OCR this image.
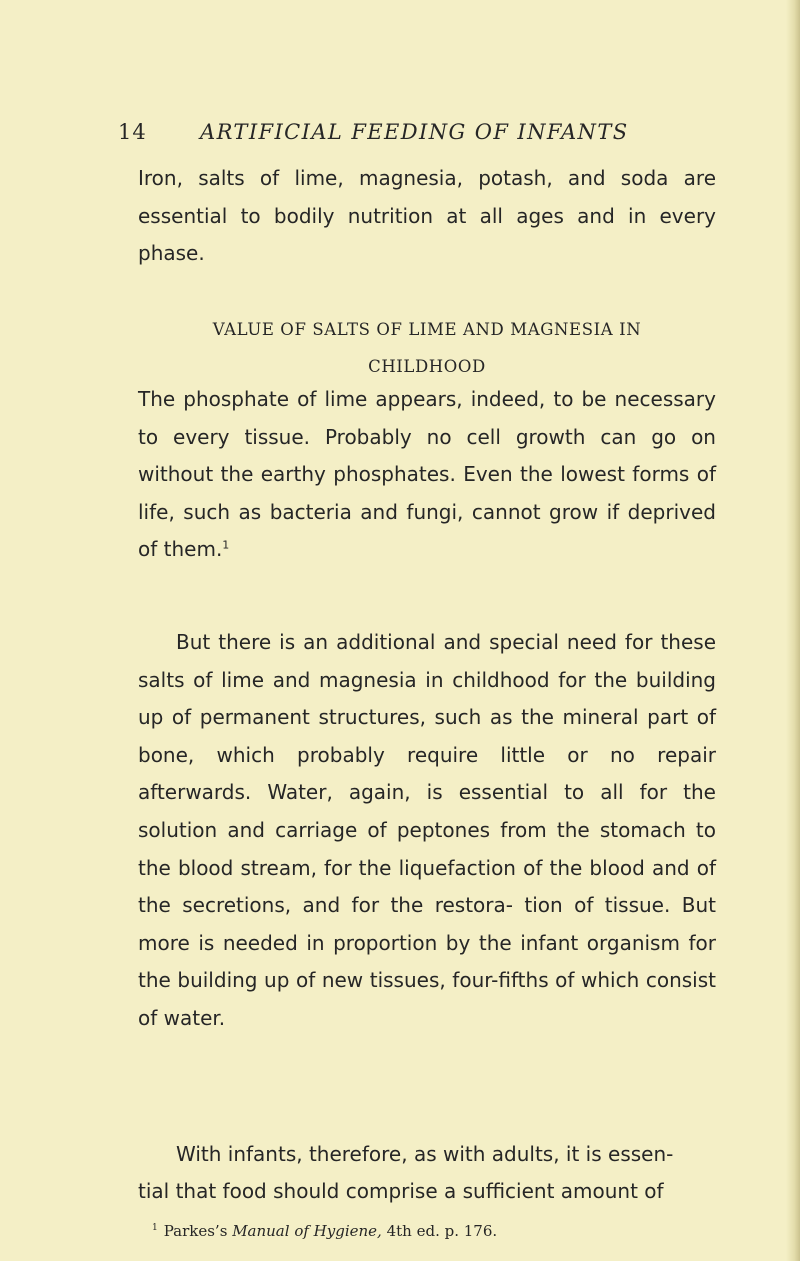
14	ARTIFICIAL FEEDING OF INFANTS
Iron, salts of lime, magnesia, potash, and soda are essential to bodily nutrition at all ages and in every phase.
VALUE OF SALTS OF LIME AND MAGNESIA IN
CHILDHOOD
The phosphate of lime appears, indeed, to be necessary to every tissue. Probably no cell growth can go on without the earthy phosphates. Even the lowest forms of life, such as bacteria and fungi, cannot grow if deprived of them.$^1$
But there is an additional and special need for these salts of lime and magnesia in childhood for the building up of permanent structures, such as the mineral part of bone, which probably require little or no repair afterwards. Water, again, is essential to all for the solution and carriage of peptones from the stomach to the blood stream, for the liquefaction of the blood and of the secretions, and for the restora- tion of tissue. But more is needed in proportion by the infant organism for the building up of new tissues, four-fifths of which consist of water.
With infants, therefore, as with adults, it is essen-
tial that food should comprise a sufficient amount of
$^1$ Parkes’s Manual of Hygiene, 4th ed. p. 176.
